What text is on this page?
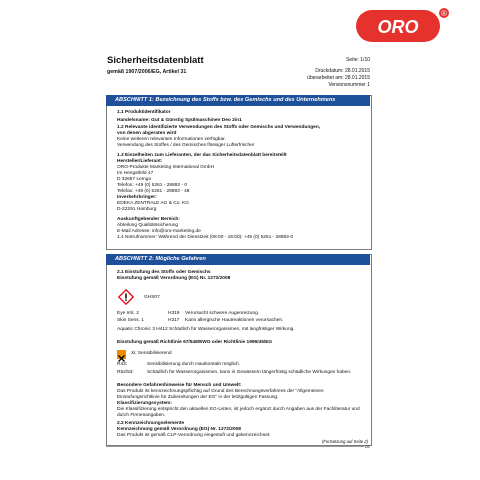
ORO
®
Sicherheitsdatenblatt
gemäß 1907/2006/EG, Artikel 31
Seite: 1/10
Druckdatum: 28.01.2015
überarbeitet am: 28.01.2015
Versionsnummer 1
ABSCHNITT 1: Bezeichnung des Stoffs bzw. des Gemischs und des Unternehmens
1.1 Produktidentifikator
Handelsname: Gut & Günstig Spülmaschinen Deo 2in1
1.2 Relevante identifizierte Verwendungen des Stoffs oder Gemischs und Verwendungen,
von denen abgeraten wird
Keine weiteren relevanten Informationen verfügbar.
Verwendung des Stoffes / des Gemisches flüssiger Lufterfrischer
1.3 Einzelheiten zum Lieferanten, der das Sicherheitsdatenblatt bereitstellt
Hersteller/Lieferant:
ORO-Produkte Marketing International GmbH
Im Hengstfeld 47
D 32657 Lemgo
Telefon: +49 (0) 5261 - 28893 - 0
Telefax: +49 (0) 5261 - 28893 - 48
Inverkehrbringer:
EDEKA ZENTRALE AG & Co. KG
D-22291 Hamburg
Auskunftgebender Bereich:
Abteilung Qualitätssicherung
E-Mail Adresse: info@oro-marketing.de
1.4 Notrufnummer: Während der Dienstzeit (08:00 - 16:00): +49 (0) 5261 - 28893-0
ABSCHNITT 2: Mögliche Gefahren
2.1 Einstufung des Stoffs oder Gemischs
Einstufung gemäß Verordnung (EG) Nr. 1272/2008
GHS07
Eye Irrit. 2	H319 Verursacht schwere Augenreizung.
Skin Sens. 1	H317 Kann allergische Hautreaktionen verursachen.
Aquatic Chronic 3 H412 Schädlich für Wasserorganismen, mit langfristiger Wirkung.
Einstufung gemäß Richtlinie 67/548/EWG oder Richtlinie 1999/45/EG
Xi; Sensibilisierend
R43:	Sensibilisierung durch Hautkontakt möglich.
R52/53:	Schädlich für Wasserorganismen, kann in Gewässern längerfristig schädliche Wirkungen haben.
Besondere Gefahrenhinweise für Mensch und Umwelt:
Das Produkt ist kennzeichnungspflichtig auf Grund des Berechnungsverfahrens der "Allgemeinen Einstufungsrichtlinie für Zubereitungen der EG" in der letztgültigen Fassung.
Klassifizierungssystem:
Die Klassifizierung entspricht den aktuellen EG-Listen, ist jedoch ergänzt durch Angaben aus der Fachliteratur und durch Firmenangaben.
2.2 Kennzeichnungselemente
Kennzeichnung gemäß Verordnung (EG) Nr. 1272/2008
Das Produkt ist gemäß CLP-Verordnung eingestuft und gekennzeichnet.
(Fortsetzung auf Seite 2)
DE
